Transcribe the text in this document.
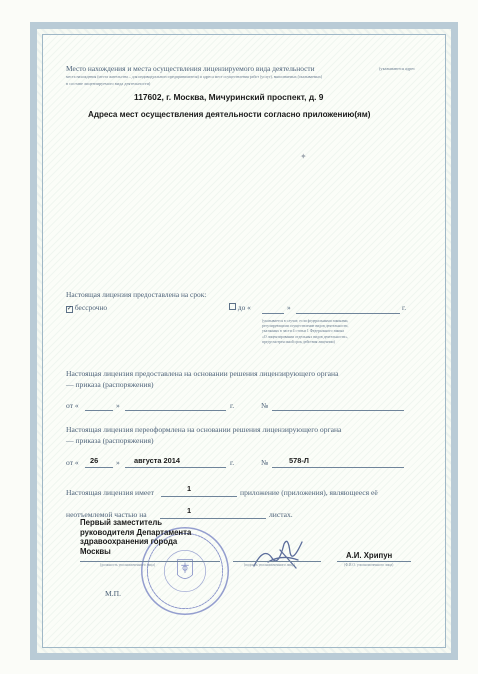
Место нахождения и места осуществления лицензируемого вида деятельности	(указываются адрес
места нахождения (места жительства – для индивидуального предпринимателя) и адреса мест осуществления работ (услуг), выполняемых (оказываемых)
в составе лицензируемого вида деятельности)
117602, г. Москва, Мичуринский проспект, д. 9
Адреса мест осуществления деятельности согласно приложению(ям)
✦
Настоящая лицензия предоставлена на срок:
✓ бессрочно	до «	»	г.
(указывается в случае, если федеральными законами,
регулирующими осуществление видов деятельности,
указанных в части 4 статьи 1 Федерального закона
«О лицензировании отдельных видов деятельности»,
предусмотрен иной срок действия лицензии)
Настоящая лицензия предоставлена на основании решения лицензирующего органа
— приказа (распоряжения)
от «	»	г.	№
Настоящая лицензия переоформлена на основании решения лицензирующего органа
— приказа (распоряжения)
от « 26 » августа 2014	г.	№	578-Л
Настоящая лицензия имеет	1	приложение (приложения), являющееся её
неотъемлемой частью на	1	листах.
Первый заместитель
руководителя Департамента
здравоохранения города
Москвы
(должность уполномоченного лица)	(подпись уполномоченного лица)
А.И. Хрипун
(Ф.И.О. уполномоченного лица)
М.П.
